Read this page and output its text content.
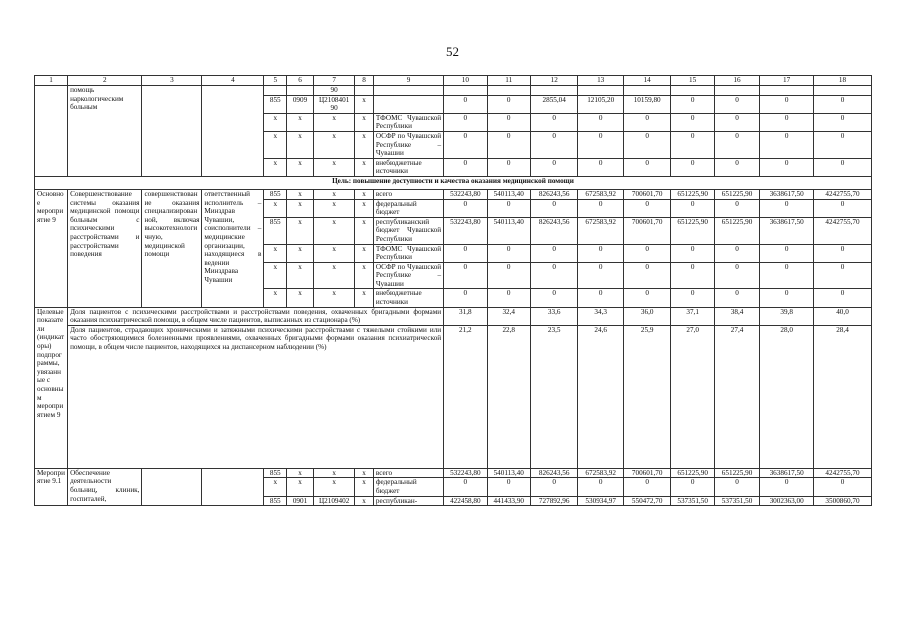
52
1	2	3	4	5	6	7	8	9	10	11	12	13	14	15	16	17	18
	помощь наркологическим больным					90											
				855	0909	Ц2108401 90	х		0	0	2855,04	12105,20	10159,80	0	0	0	0
				х	х	х	х	ТФОМС Чувашской Республики	0	0	0	0	0	0	0	0	0
				х	х	х	х	ОСФР по Чувашской Республике – Чувашии	0	0	0	0	0	0	0	0	0
				х	х	х	х	внебюджетные источники	0	0	0	0	0	0	0	0	0
Цель: повышение доступности и качества оказания медицинской помощи																	
Основное мероприятие 9	Совершенствование системы оказания медицинской помощи больным с психическими расстройствами и расстройствами поведения	совершенствование оказания специализированной, включая высокотехнологичную, медицинской помощи	ответственный исполнитель – Минздрав Чувашии, соисполнители – медицинские организации, находящиеся в ведении Минздрава Чувашии	855	х	х	х	всего	532243,80	540113,40	826243,56	672583,92	700601,70	651225,90	651225,90	3638617,50	4242755,70
				х	х	х	х	федеральный бюджет	0	0	0	0	0	0	0	0	0
				855	х	х	х	республиканский бюджет Чувашской Республики	532243,80	540113,40	826243,56	672583,92	700601,70	651225,90	651225,90	3638617,50	4242755,70
				х	х	х	х	ТФОМС Чувашской Республики	0	0	0	0	0	0	0	0	0
				х	х	х	х	ОСФР по Чувашской Республике – Чувашии	0	0	0	0	0	0	0	0	0
				х	х	х	х	внебюджетные источники	0	0	0	0	0	0	0	0	0
Целевые показатели (индикаторы) подпрограммы, увязанные с основным мероприятием 9	Доля пациентов с психическими расстройствами и расстройствами поведения, охваченных бригадными формами оказания психиатрической помощи, в общем числе пациентов, выписанных из стационара (%)								31,8	32,4	33,6	34,3	36,0	37,1	38,4	39,8	40,0
	Доля пациентов, страдающих хроническими и затяжными психическими расстройствами с тяжелыми стойкими или часто обостряющимися болезненными проявлениями, охваченных бригадными формами оказания психиатрической помощи, в общем числе пациентов, находящихся на диспансерном наблюдении (%)								21,2	22,8	23,5	24,6	25,9	27,0	27,4	28,0	28,4
Мероприятие 9.1	Обеспечение деятельности больниц, клиник, госпиталей,			855	х	х	х	всего	532243,80	540113,40	826243,56	672583,92	700601,70	651225,90	651225,90	3638617,50	4242755,70
				х	х	х	х	федеральный бюджет	0	0	0	0	0	0	0	0	0
				855	0901	Ц2109402	х	республикан-	422458,80	441433,90	727892,96	530934,97	550472,70	537351,50	537351,50	3002363,00	3500860,70
